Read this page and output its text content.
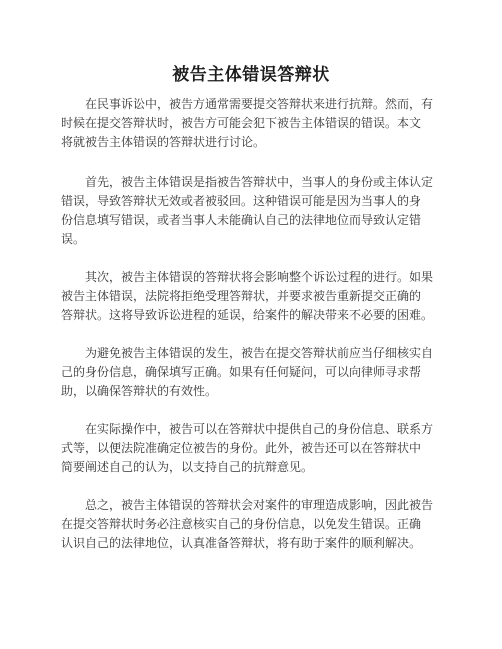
被告主体错误答辩状
　　在民事诉讼中，被告方通常需要提交答辩状来进行抗辩。然而，有
时候在提交答辩状时，被告方可能会犯下被告主体错误的错误。本文
将就被告主体错误的答辩状进行讨论。
　　首先，被告主体错误是指被告答辩状中，当事人的身份或主体认定
错误，导致答辩状无效或者被驳回。这种错误可能是因为当事人的身
份信息填写错误，或者当事人未能确认自己的法律地位而导致认定错
误。
　　其次，被告主体错误的答辩状将会影响整个诉讼过程的进行。如果
被告主体错误，法院将拒绝受理答辩状，并要求被告重新提交正确的
答辩状。这将导致诉讼进程的延误，给案件的解决带来不必要的困难。
　　为避免被告主体错误的发生，被告在提交答辩状前应当仔细核实自
己的身份信息，确保填写正确。如果有任何疑问，可以向律师寻求帮
助，以确保答辩状的有效性。
　　在实际操作中，被告可以在答辩状中提供自己的身份信息、联系方
式等，以便法院准确定位被告的身份。此外，被告还可以在答辩状中
简要阐述自己的认为，以支持自己的抗辩意见。
　　总之，被告主体错误的答辩状会对案件的审理造成影响，因此被告
在提交答辩状时务必注意核实自己的身份信息，以免发生错误。正确
认识自己的法律地位，认真准备答辩状，将有助于案件的顺利解决。
